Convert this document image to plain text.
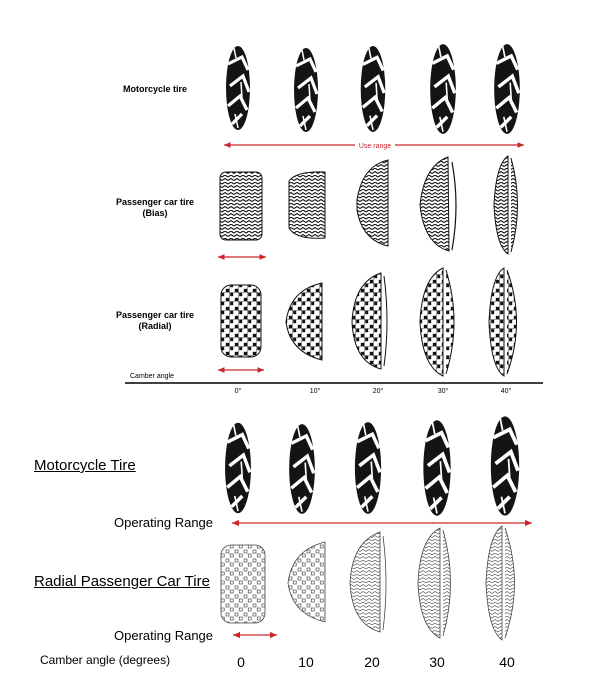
Motorcycle tire
Passenger car tire
(Bias)
Passenger car tire
(Radial)
Camber angle
0°	10°	20°	30°	40°
Motorcycle Tire
Radial Passenger Car Tire
Operating Range
Operating Range
Camber angle (degrees)	0	10	20	30	40
Use range
